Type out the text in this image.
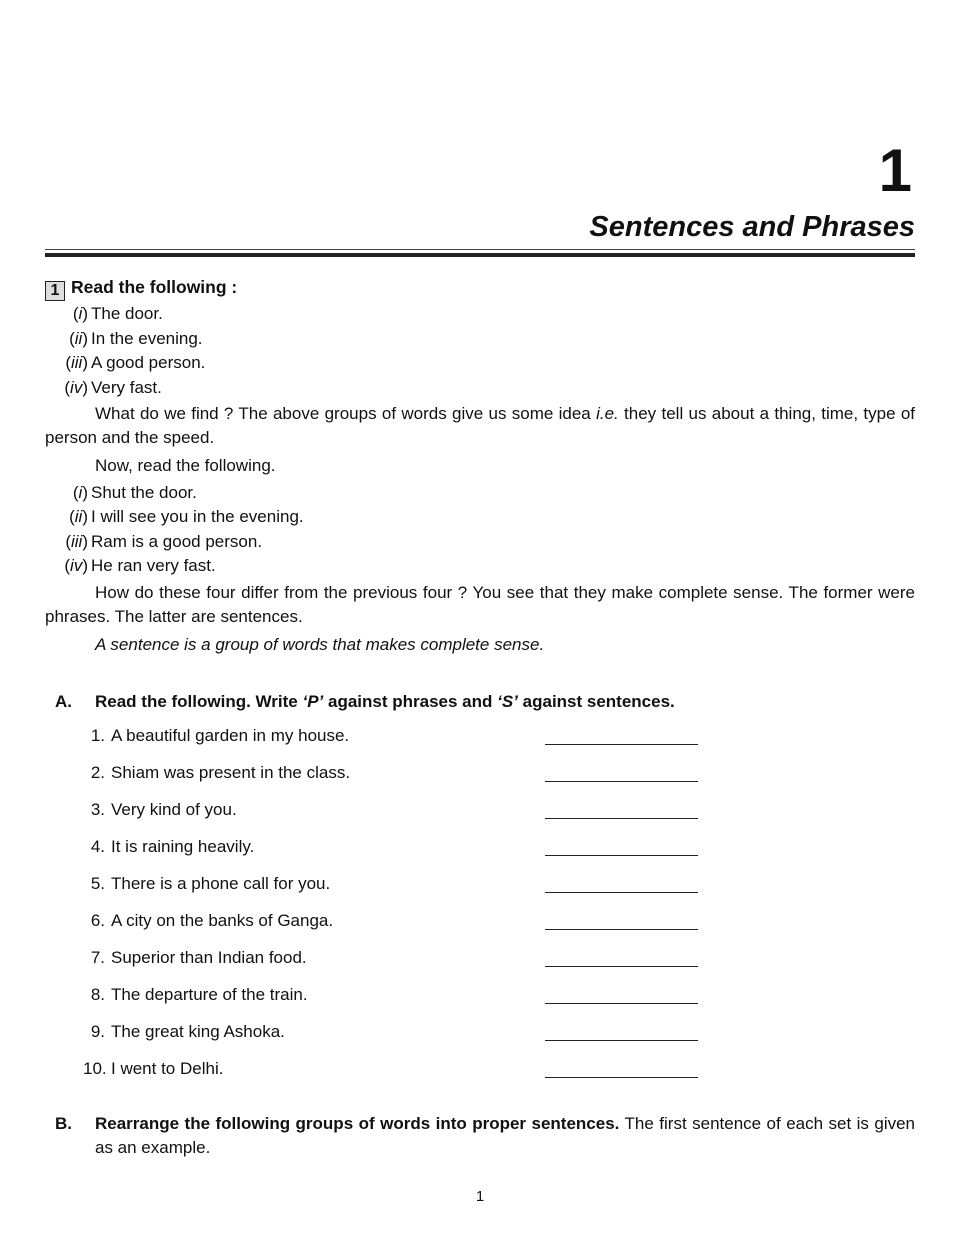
1
Sentences and Phrases
1 Read the following :
(i) The door.
(ii) In the evening.
(iii) A good person.
(iv) Very fast.
What do we find ? The above groups of words give us some idea i.e. they tell us about a thing, time, type of person and the speed.
Now, read the following.
(i) Shut the door.
(ii) I will see you in the evening.
(iii) Ram is a good person.
(iv) He ran very fast.
How do these four differ from the previous four ? You see that they make complete sense. The former were phrases. The latter are sentences.
A sentence is a group of words that makes complete sense.
A. Read the following. Write ‘P’ against phrases and ‘S’ against sentences.
1. A beautiful garden in my house.
2. Shiam was present in the class.
3. Very kind of you.
4. It is raining heavily.
5. There is a phone call for you.
6. A city on the banks of Ganga.
7. Superior than Indian food.
8. The departure of the train.
9. The great king Ashoka.
10. I went to Delhi.
B. Rearrange the following groups of words into proper sentences. The first sentence of each set is given as an example.
1
